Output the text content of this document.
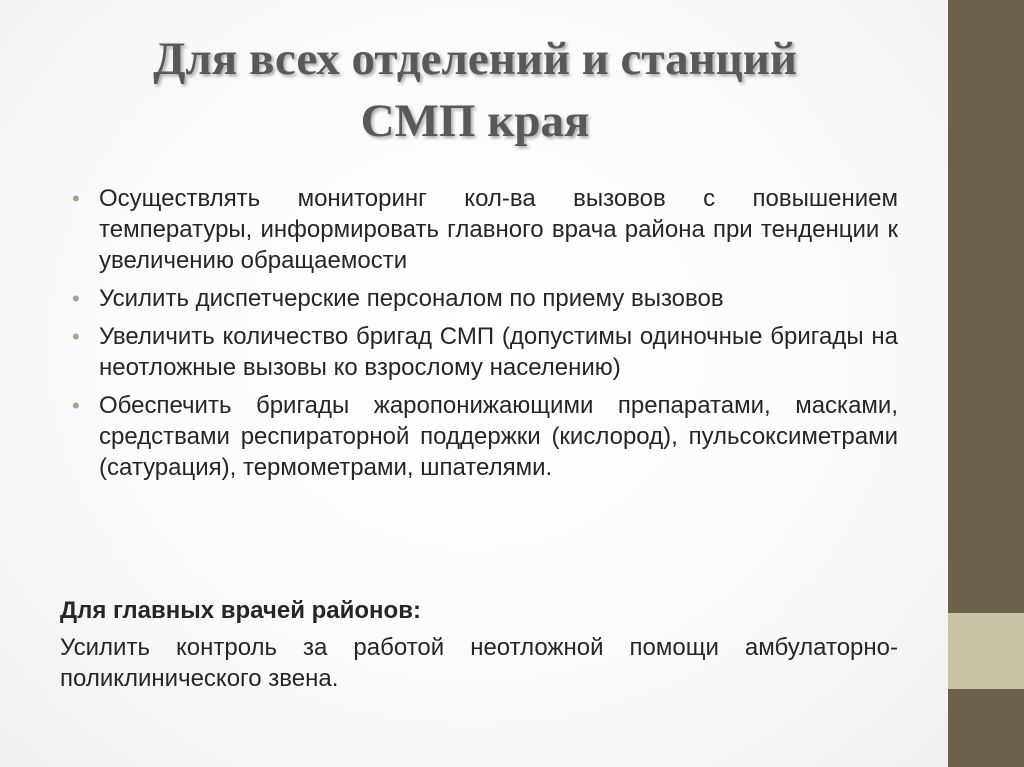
Для всех отделений и станций
СМП края
• Осуществлять мониторинг кол-ва вызовов с повышением температуры, информировать главного врача района при тенденции к увеличению обращаемости
• Усилить диспетчерские персоналом по приему вызовов
• Увеличить количество бригад СМП (допустимы одиночные бригады на неотложные вызовы ко взрослому населению)
• Обеспечить бригады жаропонижающими препаратами, масками, средствами респираторной поддержки (кислород), пульсоксиметрами (сатурация), термометрами, шпателями.

Для главных врачей районов:

Усилить контроль за работой неотложной помощи амбулаторно-поликлинического звена.
